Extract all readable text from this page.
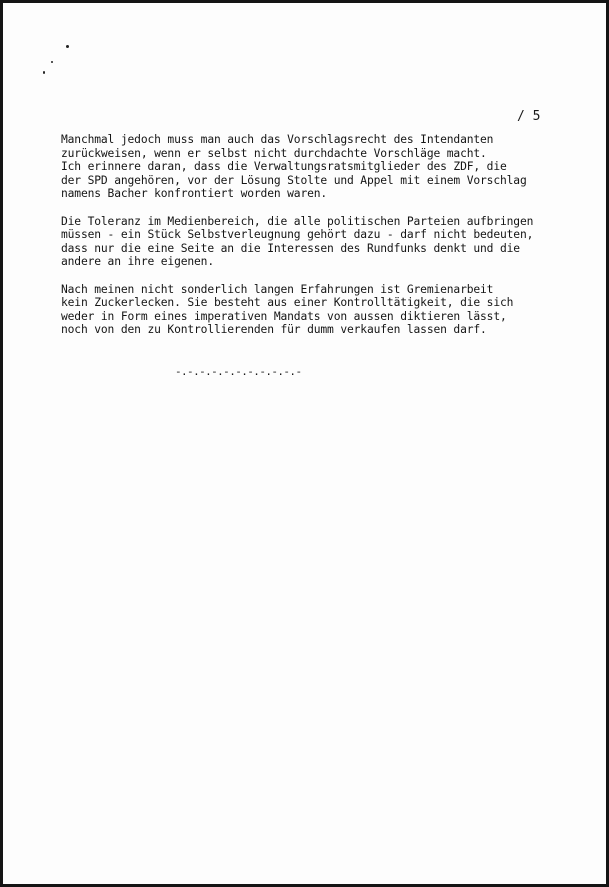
/ 5

Manchmal jedoch muss man auch das Vorschlagsrecht des Intendanten
zurückweisen, wenn er selbst nicht durchdachte Vorschläge macht.
Ich erinnere daran, dass die Verwaltungsratsmitglieder des ZDF, die
der SPD angehören, vor der Lösung Stolte und Appel mit einem Vorschlag
namens Bacher konfrontiert worden waren.

Die Toleranz im Medienbereich, die alle politischen Parteien aufbringen
müssen - ein Stück Selbstverleugnung gehört dazu - darf nicht bedeuten,
dass nur die eine Seite an die Interessen des Rundfunks denkt und die
andere an ihre eigenen.

Nach meinen nicht sonderlich langen Erfahrungen ist Gremienarbeit
kein Zuckerlecken. Sie besteht aus einer Kontrolltätigkeit, die sich
weder in Form eines imperativen Mandats von aussen diktieren lässt,
noch von den zu Kontrollierenden für dumm verkaufen lassen darf.

-.-.-.-.-.-.-.-.-.-.-
